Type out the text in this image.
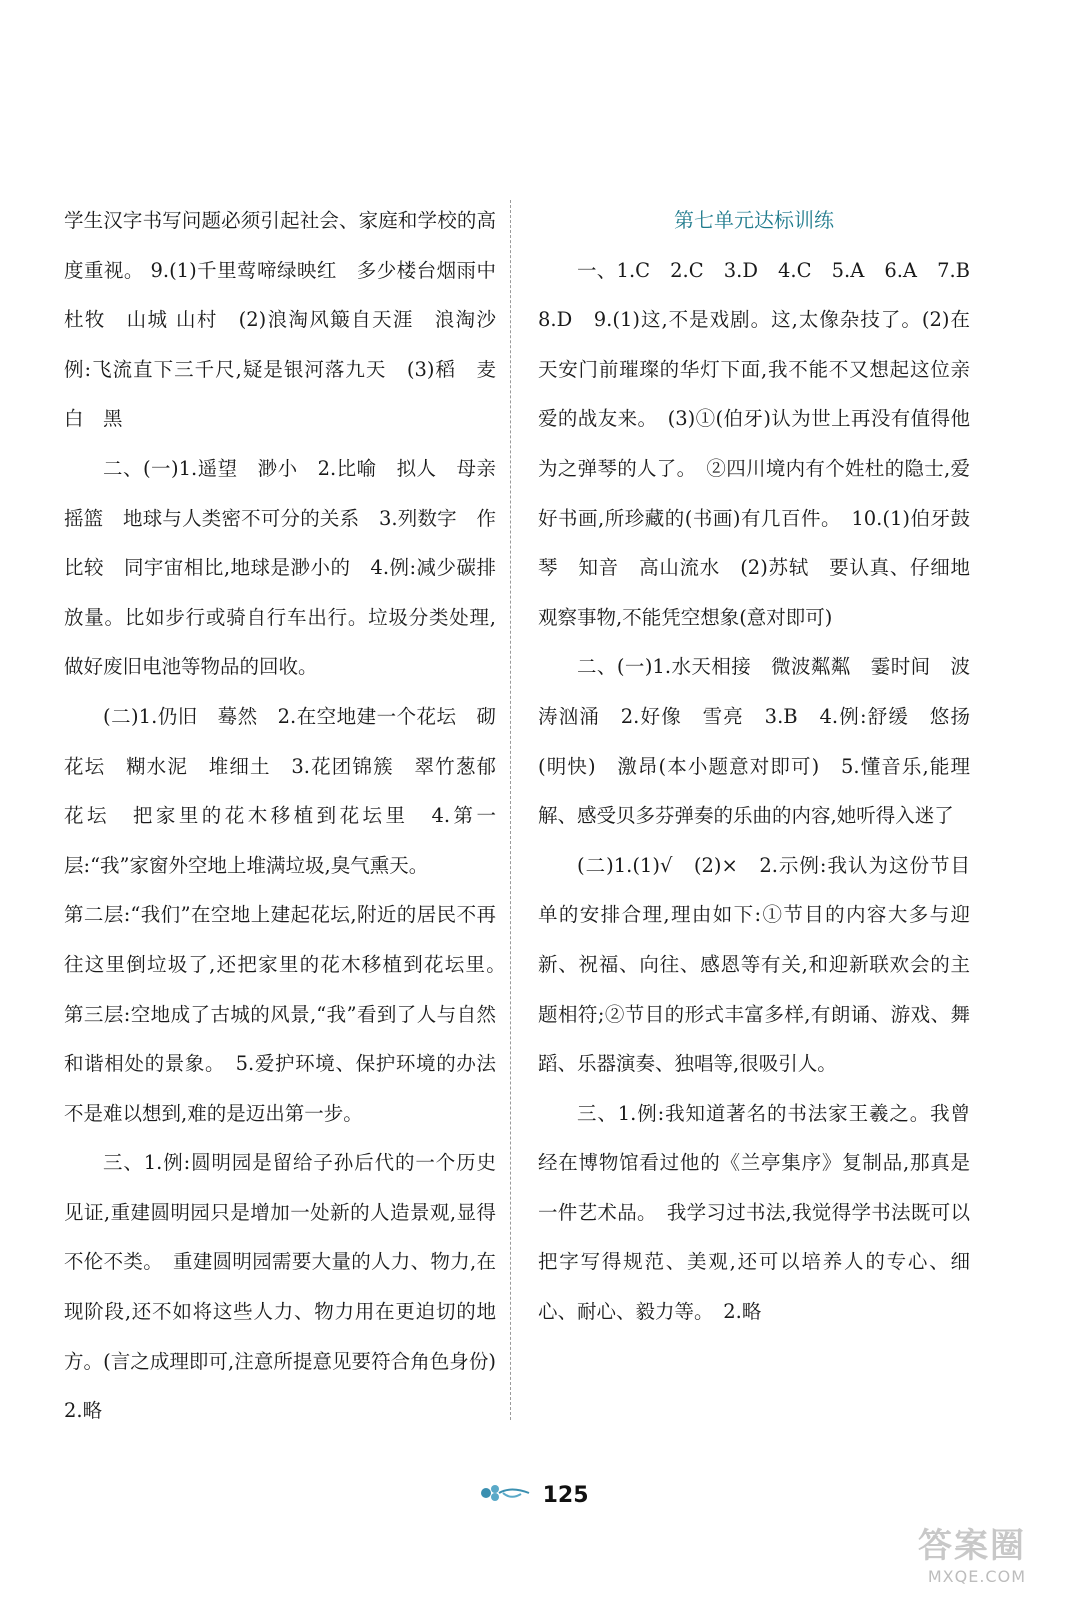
学生汉字书写问题必须引起社会、家庭和学校的高度重视。 9.(1)千里莺啼绿映红　多少楼台烟雨中　杜牧　山城 山村　(2)浪淘风簸自天涯　浪淘沙　例:飞流直下三千尺,疑是银河落九天　(3)稻　麦　白　黑

二、(一)1.遥望　渺小　2.比喻　拟人　母亲　摇篮　地球与人类密不可分的关系　3.列数字　作比较　同宇宙相比,地球是渺小的　4.例:减少碳排放量。比如步行或骑自行车出行。垃圾分类处理,做好废旧电池等物品的回收。

(二)1.仍旧　蓦然　2.在空地建一个花坛　砌花坛　糊水泥　堆细土　3.花团锦簇　翠竹葱郁　花坛　把家里的花木移植到花坛里　4.第一层:“我”家窗外空地上堆满垃圾,臭气熏天。

第二层:“我们”在空地上建起花坛,附近的居民不再往这里倒垃圾了,还把家里的花木移植到花坛里。　第三层:空地成了古城的风景,“我”看到了人与自然和谐相处的景象。　5.爱护环境、保护环境的办法不是难以想到,难的是迈出第一步。

三、1.例:圆明园是留给子孙后代的一个历史见证,重建圆明园只是增加一处新的人造景观,显得不伦不类。　重建圆明园需要大量的人力、物力,在现阶段,还不如将这些人力、物力用在更迫切的地方。(言之成理即可,注意所提意见要符合角色身份)　2.略

第七单元达标训练

一、1.C　2.C　3.D　4.C　5.A　6.A　7.B　8.D　9.(1)这,不是戏剧。这,太像杂技了。(2)在天安门前璀璨的华灯下面,我不能不又想起这位亲爱的战友来。　(3)①(伯牙)认为世上再没有值得他为之弹琴的人了。　②四川境内有个姓杜的隐士,爱好书画,所珍藏的(书画)有几百件。　10.(1)伯牙鼓琴　知音　高山流水　(2)苏轼　要认真、仔细地观察事物,不能凭空想象(意对即可)

二、(一)1.水天相接　微波粼粼　霎时间　波涛汹涌　2.好像　雪亮　3.B　4.例:舒缓　悠扬(明快)　激昂(本小题意对即可)　5.懂音乐,能理解、感受贝多芬弹奏的乐曲的内容,她听得入迷了

(二)1.(1)√　(2)×　2.示例:我认为这份节目单的安排合理,理由如下:①节目的内容大多与迎新、祝福、向往、感恩等有关,和迎新联欢会的主题相符;②节目的形式丰富多样,有朗诵、游戏、舞蹈、乐器演奏、独唱等,很吸引人。

三、1.例:我知道著名的书法家王羲之。我曾经在博物馆看过他的《兰亭集序》复制品,那真是一件艺术品。　我学习过书法,我觉得学书法既可以把字写得规范、美观,还可以培养人的专心、细心、耐心、毅力等。　2.略

125
答案圈
MXQE.COM
